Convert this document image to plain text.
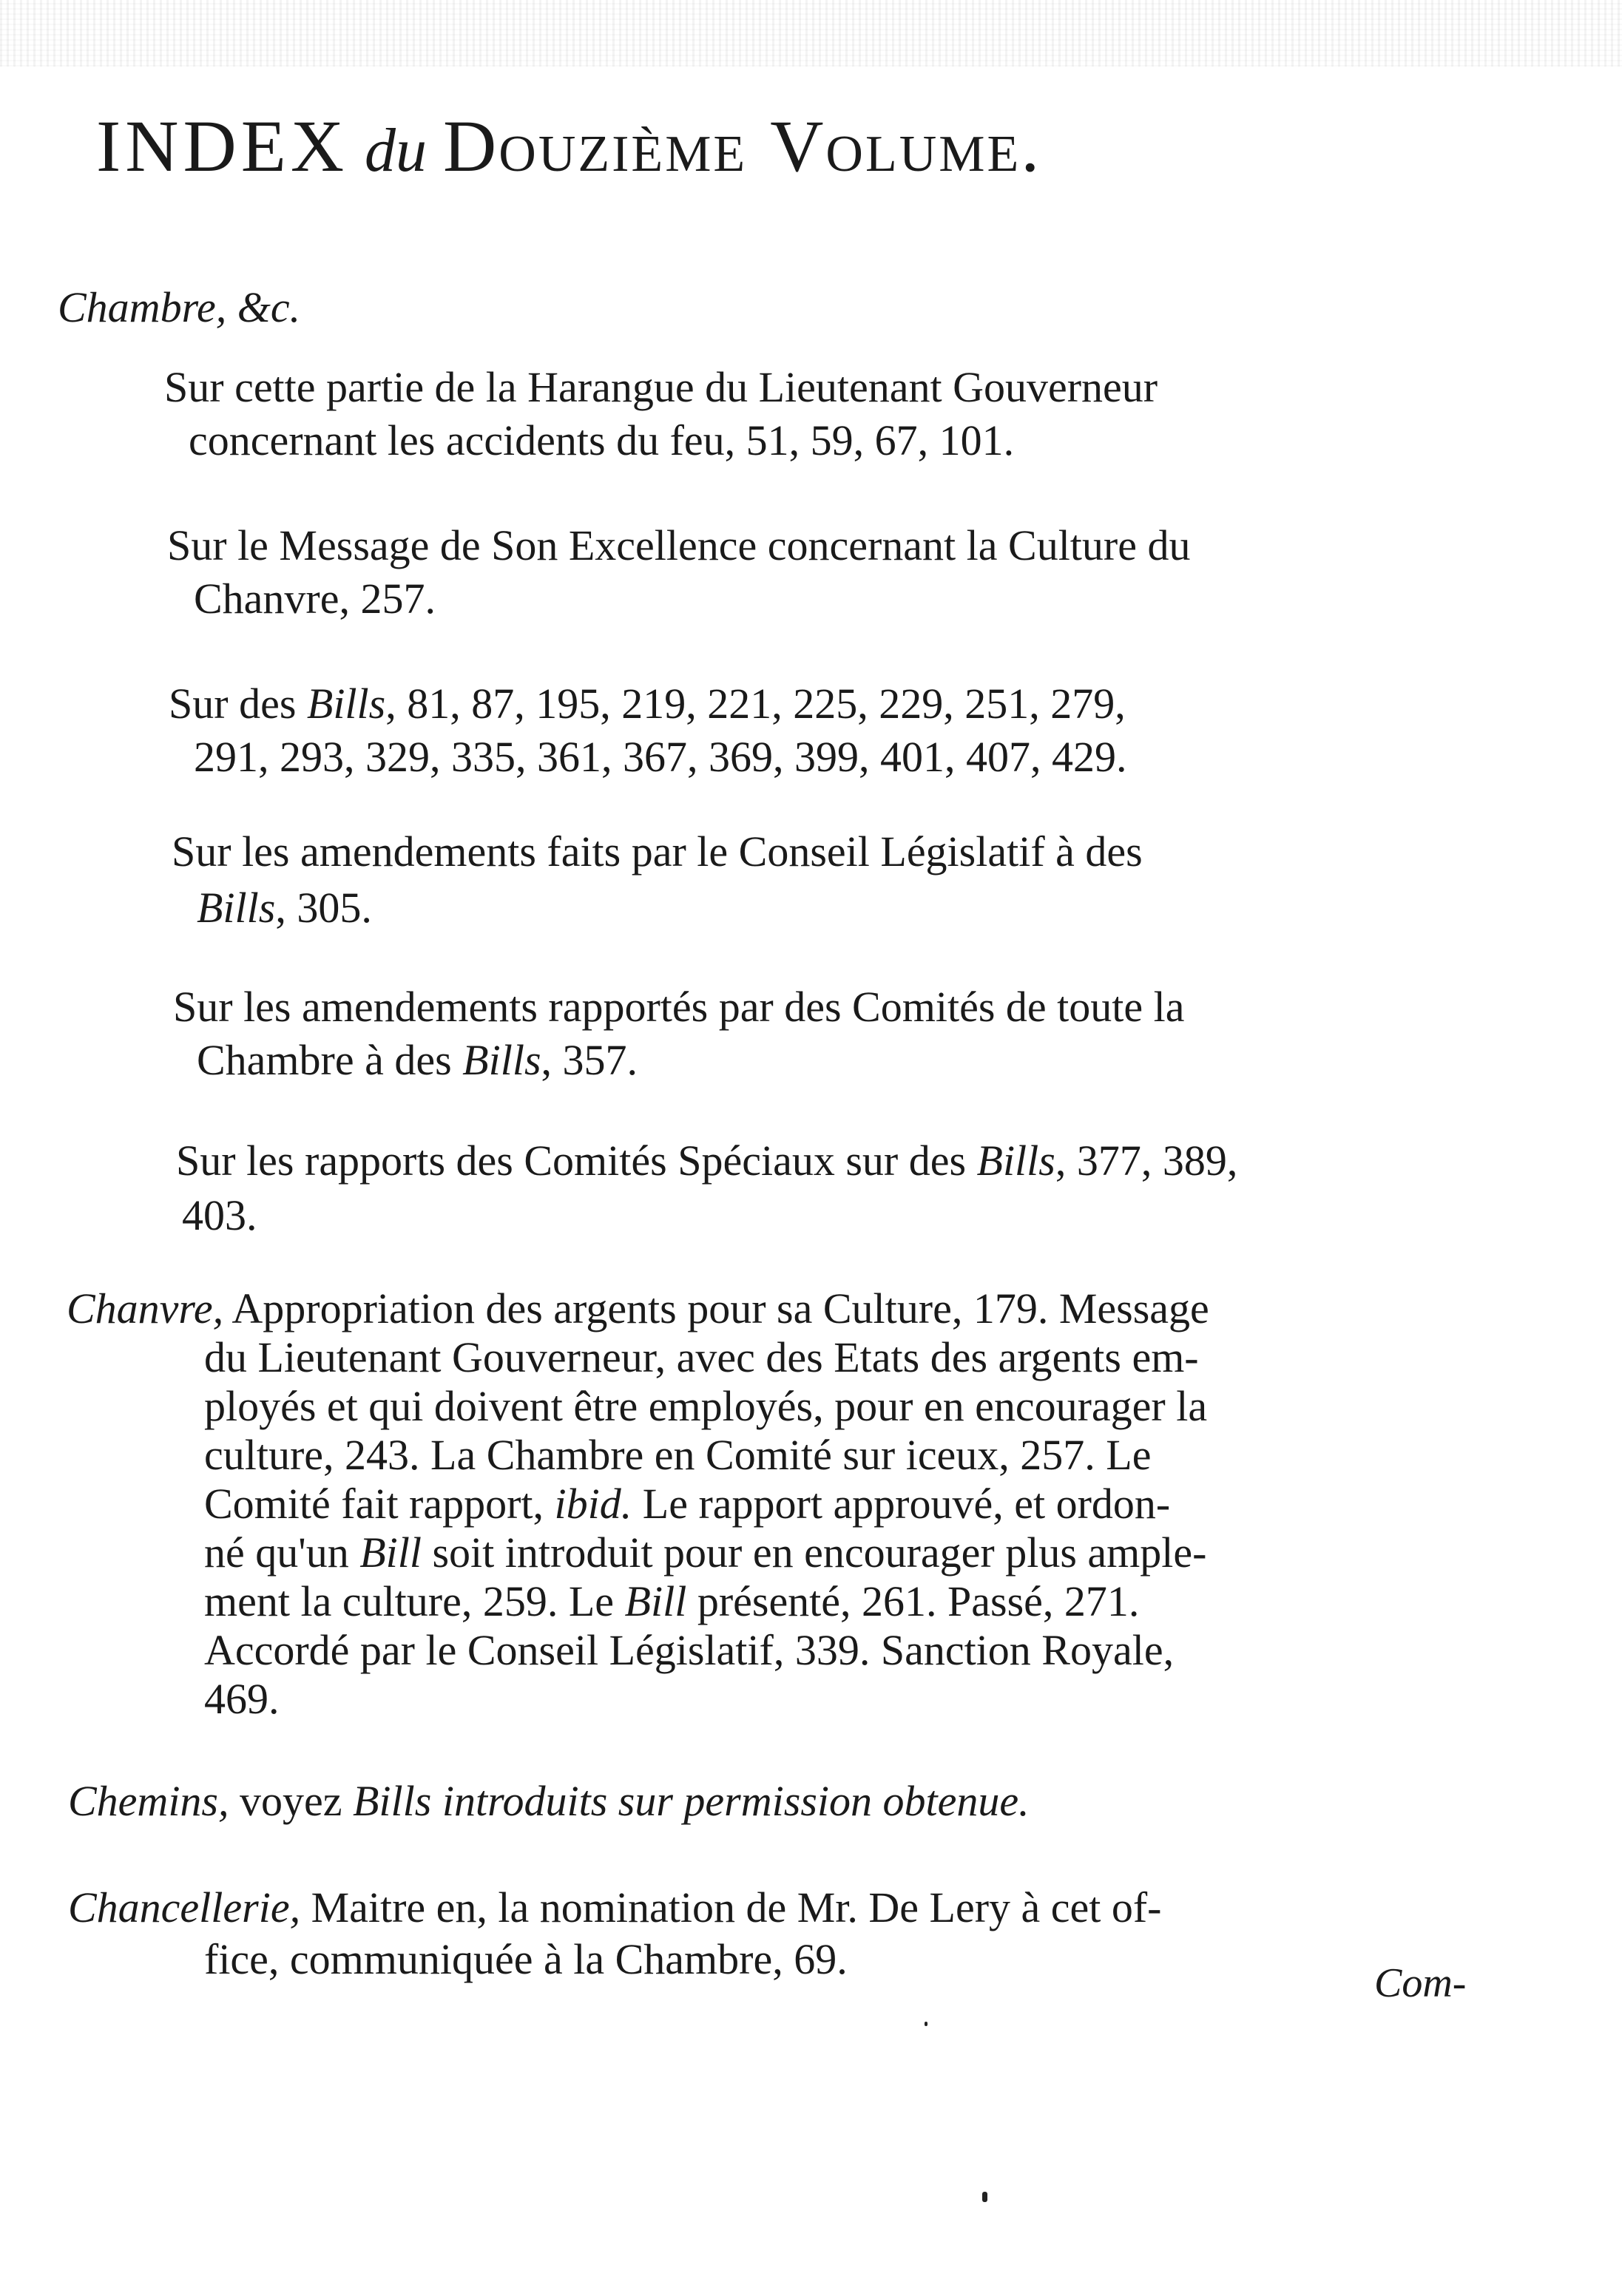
INDEX du Douzième Volume.
Chambre, &c.
Sur cette partie de la Harangue du Lieutenant Gouverneur
concernant les accidents du feu, 51, 59, 67, 101.
Sur le Message de Son Excellence concernant la Culture du
Chanvre, 257.
Sur des Bills, 81, 87, 195, 219, 221, 225, 229, 251, 279,
291, 293, 329, 335, 361, 367, 369, 399, 401, 407, 429.
Sur les amendements faits par le Conseil Législatif à des
Bills, 305.
Sur les amendements rapportés par des Comités de toute la
Chambre à des Bills, 357.
Sur les rapports des Comités Spéciaux sur des Bills, 377, 389,
403.
Chanvre, Appropriation des argents pour sa Culture, 179. Message
du Lieutenant Gouverneur, avec des Etats des argents em-
ployés et qui doivent être employés, pour en encourager la
culture, 243. La Chambre en Comité sur iceux, 257. Le
Comité fait rapport, ibid. Le rapport approuvé, et ordon-
né qu'un Bill soit introduit pour en encourager plus ample-
ment la culture, 259. Le Bill présenté, 261. Passé, 271.
Accordé par le Conseil Législatif, 339. Sanction Royale,
469.
Chemins, voyez Bills introduits sur permission obtenue.
Chancellerie, Maitre en, la nomination de Mr. De Lery à cet of-
fice, communiquée à la Chambre, 69.	Com-
